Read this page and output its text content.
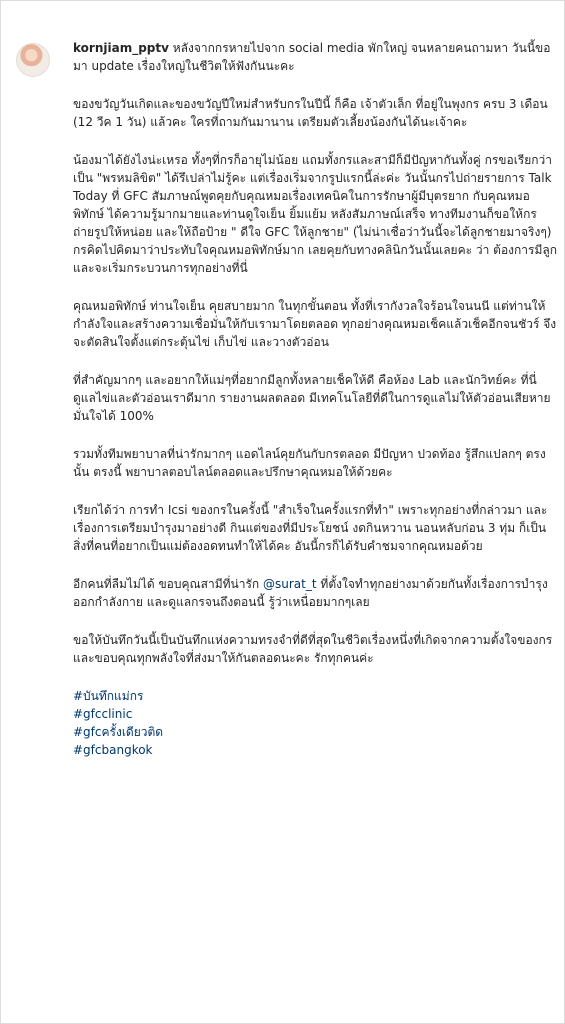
kornjiam_pptv หลังจากกรหายไปจาก social media พักใหญ่ จนหลายคนถามหา วันนี้ขอมา update เรื่องใหญ่ในชีวิตให้ฟังกันนะคะ

ของขวัญวันเกิดและของขวัญปีใหม่สำหรับกรในปีนี้ ก็คือ เจ้าตัวเล็ก ที่อยู่ในพุงกร ครบ 3 เดือน (12 วีค 1 วัน) แล้วคะ ใครที่ถามกันมานาน เตรียมตัวเลี้ยงน้องกันได้นะเจ้าคะ

น้องมาได้ยังไงน่ะเหรอ ทั้งๆที่กรก็อายุไม่น้อย แถมทั้งกรและสามีก็มีปัญหากันทั้งคู่ กรขอเรียกว่าเป็น "พรหมลิขิต" ได้รึเปล่าไม่รู้คะ แต่เรื่องเริ่มจากรูปแรกนี้ล่ะค่ะ วันนั้นกรไปถ่ายรายการ Talk Today ที่ GFC สัมภาษณ์พูดคุยกับคุณหมอเรื่องเทคนิคในการรักษาผู้มีบุตรยาก กับคุณหมอพิทักษ์ ได้ความรู้มากมายและท่านดูใจเย็น ยิ้มแย้ม หลังสัมภาษณ์เสร็จ ทางทีมงานก็ขอให้กรถ่ายรูปให้หน่อย และให้ถือป้าย " ดีใจ GFC ให้ลูกชาย" (ไม่น่าเชื่อว่าวันนี้จะได้ลูกชายมาจริงๆ) กรคิดไปคิดมาว่าประทับใจคุณหมอพิทักษ์มาก เลยคุยกับทางคลินิกวันนั้นเลยคะ ว่า ต้องการมีลูก และจะเริ่มกระบวนการทุกอย่างที่นี่

คุณหมอพิทักษ์ ท่านใจเย็น คุยสบายมาก ในทุกขั้นตอน ทั้งที่เรากังวลใจร้อนใจนนนี แต่ท่านให้กำลังใจและสร้างความเชื่อมั่นให้กับเรามาโดยตลอด ทุกอย่างคุณหมอเช็คแล้วเช็คอีกจนชัวร์ จึงจะตัดสินใจตั้งแต่กระตุ้นไข่ เก็บไข่ และวางตัวอ่อน

ที่สำคัญมากๆ และอยากให้แม่ๆที่อยากมีลูกทั้งหลายเช็คให้ดี คือห้อง Lab และนักวิทย์คะ ที่นี่ดูแลไข่และตัวอ่อนเราดีมาก รายงานผลตลอด มีเทคโนโลยีที่ดีในการดูแลไม่ให้ตัวอ่อนเสียหาย มั่นใจได้ 100%

รวมทั้งทีมพยาบาลที่น่ารักมากๆ แอดไลน์คุยกันกับกรตลอด มีปัญหา ปวดท้อง รู้สึกแปลกๆ ตรงนั้น ตรงนี้ พยาบาลตอบไลน์ตลอดและปรึกษาคุณหมอให้ด้วยคะ

เรียกได้ว่า การทำ Icsi ของกรในครั้งนี้ "สำเร็จในครั้งแรกที่ทำ" เพราะทุกอย่างที่กล่าวมา และเรื่องการเตรียมบำรุงมาอย่างดี กินแต่ของที่มีประโยชน์ งดกินหวาน นอนหลับก่อน 3 ทุ่ม ก็เป็นสิ่งที่คนที่อยากเป็นแม่ต้องอดทนทำให้ได้คะ อันนี้กรก็ได้รับคำชมจากคุณหมอด้วย

อีกคนที่ลืมไม่ได้ ขอบคุณสามีที่น่ารัก @surat_t ที่ตั้งใจทำทุกอย่างมาด้วยกันทั้งเรื่องการบำรุง ออกกำลังกาย และดูแลกรจนถึงตอนนี้ รู้ว่าเหนื่อยมากๆเลย

ขอให้บันทึกวันนี้เป็นบันทึกแห่งความทรงจำที่ดีที่สุดในชีวิตเรื่องหนึ่งที่เกิดจากความตั้งใจของกร และขอบคุณทุกพลังใจที่ส่งมาให้กันตลอดนะคะ รักทุกคนค่ะ

#บันทึกแม่กร
#gfcclinic
#gfcครั้งเดียวติด
#gfcbangkok
